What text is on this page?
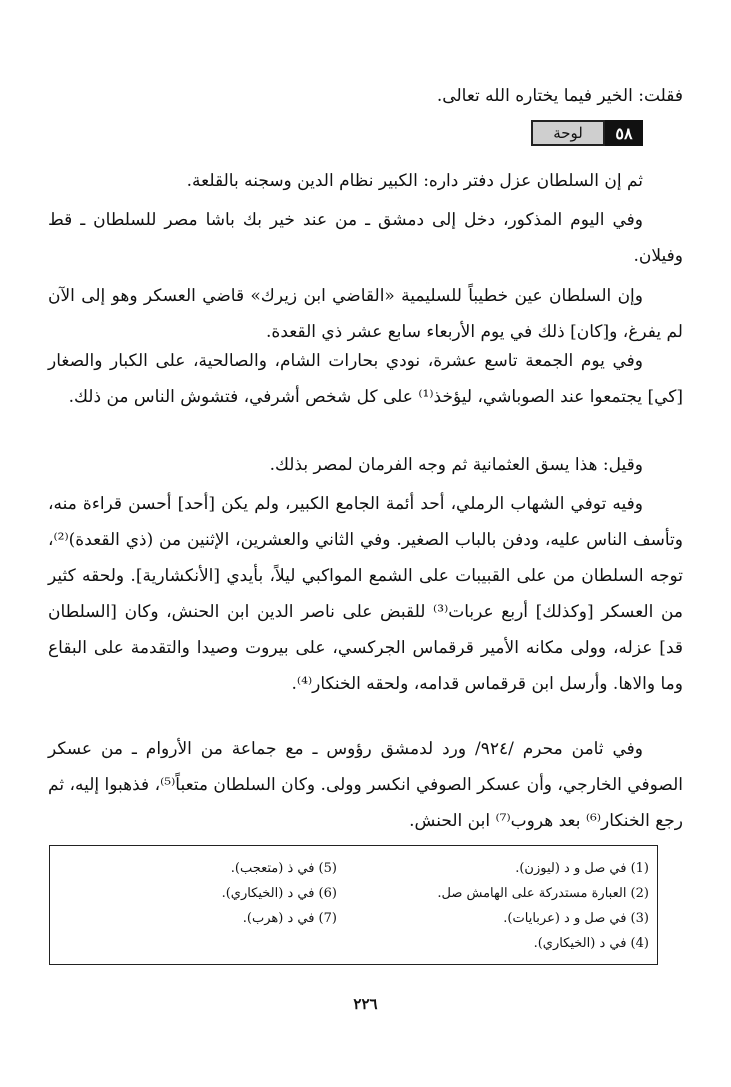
فقلت: الخير فيما يختاره الله تعالى.
لوحة	٥٨
ثم إن السلطان عزل دفتر داره: الكبير نظام الدين وسجنه بالقلعة.
وفي اليوم المذكور، دخل إلى دمشق ـ من عند خير بك باشا مصر للسلطان ـ قط وفيلان.
وإن السلطان عين خطيباً للسليمية «القاضي ابن زيرك» قاضي العسكر وهو إلى الآن لم يفرغ، و[كان] ذلك في يوم الأربعاء سابع عشر ذي القعدة.
وفي يوم الجمعة تاسع عشرة، نودي بحارات الشام، والصالحية، على الكبار والصغار [كي] يجتمعوا عند الصوباشي، ليؤخذ⁽¹⁾ على كل شخص أشرفي، فتشوش الناس من ذلك.
وقيل: هذا يسق العثمانية ثم وجه الفرمان لمصر بذلك.
وفيه توفي الشهاب الرملي، أحد أئمة الجامع الكبير، ولم يكن [أحد] أحسن قراءة منه، وتأسف الناس عليه، ودفن بالباب الصغير. وفي الثاني والعشرين، الإثنين من (ذي القعدة)⁽²⁾، توجه السلطان من على القبيبات على الشمع المواكبي ليلاً، بأيدي [الأنكشارية]. ولحقه كثير من العسكر [وكذلك] أربع عربات⁽³⁾ للقبض على ناصر الدين ابن الحنش، وكان [السلطان قد] عزله، وولى مكانه الأمير قرقماس الجركسي، على بيروت وصيدا والتقدمة على البقاع وما والاها. وأرسل ابن قرقماس قدامه، ولحقه الخنكار⁽⁴⁾.
وفي ثامن محرم /٩٢٤/ ورد لدمشق رؤوس ـ مع جماعة من الأروام ـ من عسكر الصوفي الخارجي، وأن عسكر الصوفي انكسر وولى. وكان السلطان متعباً⁽⁵⁾، فذهبوا إليه، ثم رجع الخنكار⁽⁶⁾ بعد هروب⁽⁷⁾ ابن الحنش.
(1) في صل و د (ليوزن).
(2) العبارة مستدركة على الهامش صل.
(3) في صل و د (عربايات).
(4) في د (الخيكاري).
(5) في ذ (متعجب).
(6) في د (الخيكاري).
(7) في د (هرب).
٢٢٦
